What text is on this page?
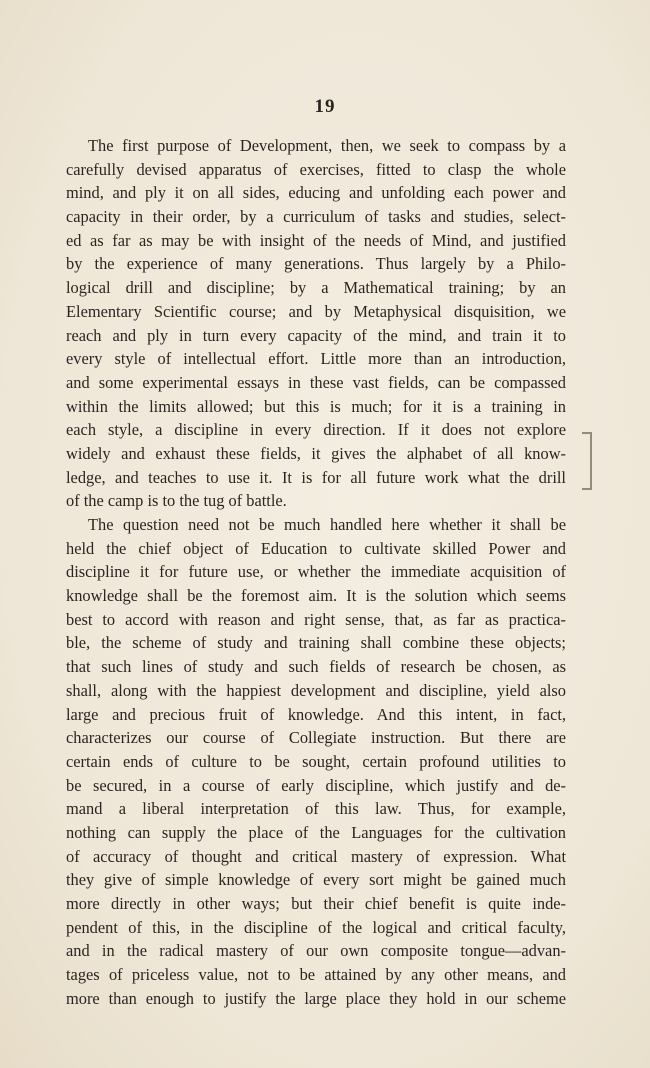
19
The first purpose of Development, then, we seek to compass by a
carefully devised apparatus of exercises, fitted to clasp the whole
mind, and ply it on all sides, educing and unfolding each power and
capacity in their order, by a curriculum of tasks and studies, select-
ed as far as may be with insight of the needs of Mind, and justified
by the experience of many generations. Thus largely by a Philo-
logical drill and discipline; by a Mathematical training; by an
Elementary Scientific course; and by Metaphysical disquisition, we
reach and ply in turn every capacity of the mind, and train it to
every style of intellectual effort. Little more than an introduction,
and some experimental essays in these vast fields, can be compassed
within the limits allowed; but this is much; for it is a training in
each style, a discipline in every direction. If it does not explore
widely and exhaust these fields, it gives the alphabet of all know-
ledge, and teaches to use it. It is for all future work what the drill
of the camp is to the tug of battle.
The question need not be much handled here whether it shall be
held the chief object of Education to cultivate skilled Power and
discipline it for future use, or whether the immediate acquisition of
knowledge shall be the foremost aim. It is the solution which seems
best to accord with reason and right sense, that, as far as practica-
ble, the scheme of study and training shall combine these objects;
that such lines of study and such fields of research be chosen, as
shall, along with the happiest development and discipline, yield also
large and precious fruit of knowledge. And this intent, in fact,
characterizes our course of Collegiate instruction. But there are
certain ends of culture to be sought, certain profound utilities to
be secured, in a course of early discipline, which justify and de-
mand a liberal interpretation of this law. Thus, for example,
nothing can supply the place of the Languages for the cultivation
of accuracy of thought and critical mastery of expression. What
they give of simple knowledge of every sort might be gained much
more directly in other ways; but their chief benefit is quite inde-
pendent of this, in the discipline of the logical and critical faculty,
and in the radical mastery of our own composite tongue—advan-
tages of priceless value, not to be attained by any other means, and
more than enough to justify the large place they hold in our scheme
